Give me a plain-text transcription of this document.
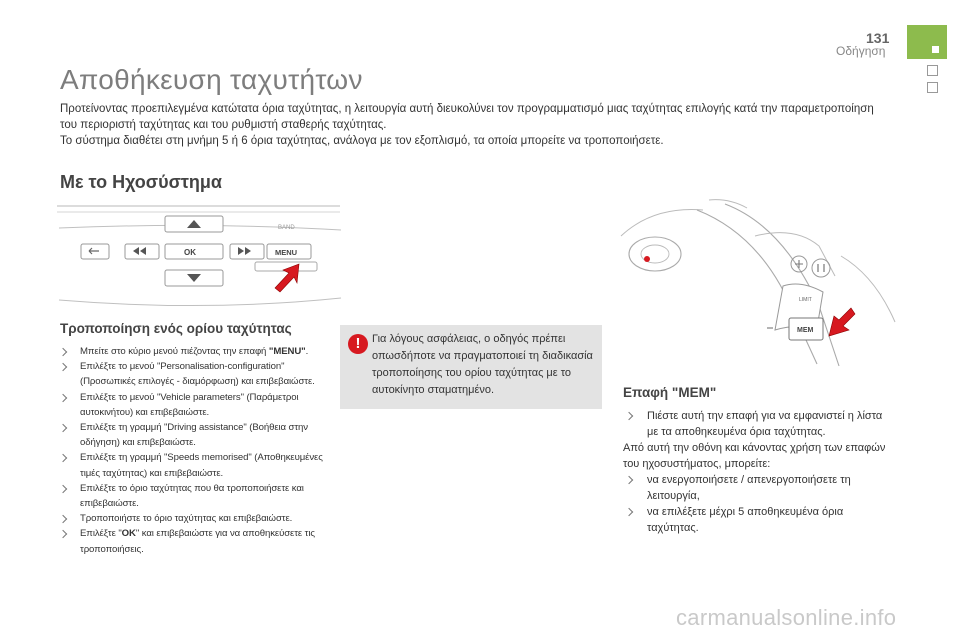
131
Οδήγηση
Αποθήκευση ταχυτήτων

Προτείνοντας προεπιλεγμένα κατώτατα όρια ταχύτητας, η λειτουργία αυτή διευκολύνει τον προγραμματισμό μιας ταχύτητας επιλογής κατά την παραμετροποίηση του περιοριστή ταχύτητας και του ρυθμιστή σταθερής ταχύτητας.

Το σύστημα διαθέτει στη μνήμη 5 ή 6 όρια ταχύτητας, ανάλογα με τον εξοπλισμό, τα οποία μπορείτε να τροποποιήσετε.

Με το Ηχοσύστημα
BAND
OK	MENU
Τροποποίηση ενός ορίου ταχύτητας
Μπείτε στο κύριο μενού πιέζοντας την επαφή "MENU".
Επιλέξτε το μενού "Personalisation-configuration" (Προσωπικές επιλογές - διαμόρφωση) και επιβεβαιώστε.
Επιλέξτε το μενού "Vehicle parameters" (Παράμετροι αυτοκινήτου) και επιβεβαιώστε.
Επιλέξτε τη γραμμή "Driving assistance" (Βοήθεια στην οδήγηση) και επιβεβαιώστε.
Επιλέξτε τη γραμμή "Speeds memorised" (Αποθηκευμένες τιμές ταχύτητας) και επιβεβαιώστε.
Επιλέξτε το όριο ταχύτητας που θα τροποποιήσετε και επιβεβαιώστε.
Τροποποιήστε το όριο ταχύτητας και επιβεβαιώστε.
Επιλέξτε "OK" και επιβεβαιώστε για να αποθηκεύσετε τις τροποποιήσεις.
!

Για λόγους ασφάλειας, ο οδηγός πρέπει οπωσδήποτε να πραγματοποιεί τη διαδικασία τροποποίησης του ορίου ταχύτητας με το αυτοκίνητο σταματημένο.

LIMIT
MEM
Επαφή "MEM"
Πιέστε αυτή την επαφή για να εμφανιστεί η λίστα με τα αποθηκευμένα όρια ταχύτητας.

Από αυτή την οθόνη και κάνοντας χρήση των επαφών του ηχοσυστήματος, μπορείτε:

να ενεργοποιήσετε / απενεργοποιήσετε τη λειτουργία,
να επιλέξετε μέχρι 5 αποθηκευμένα όρια ταχύτητας.
carmanualsonline.info
